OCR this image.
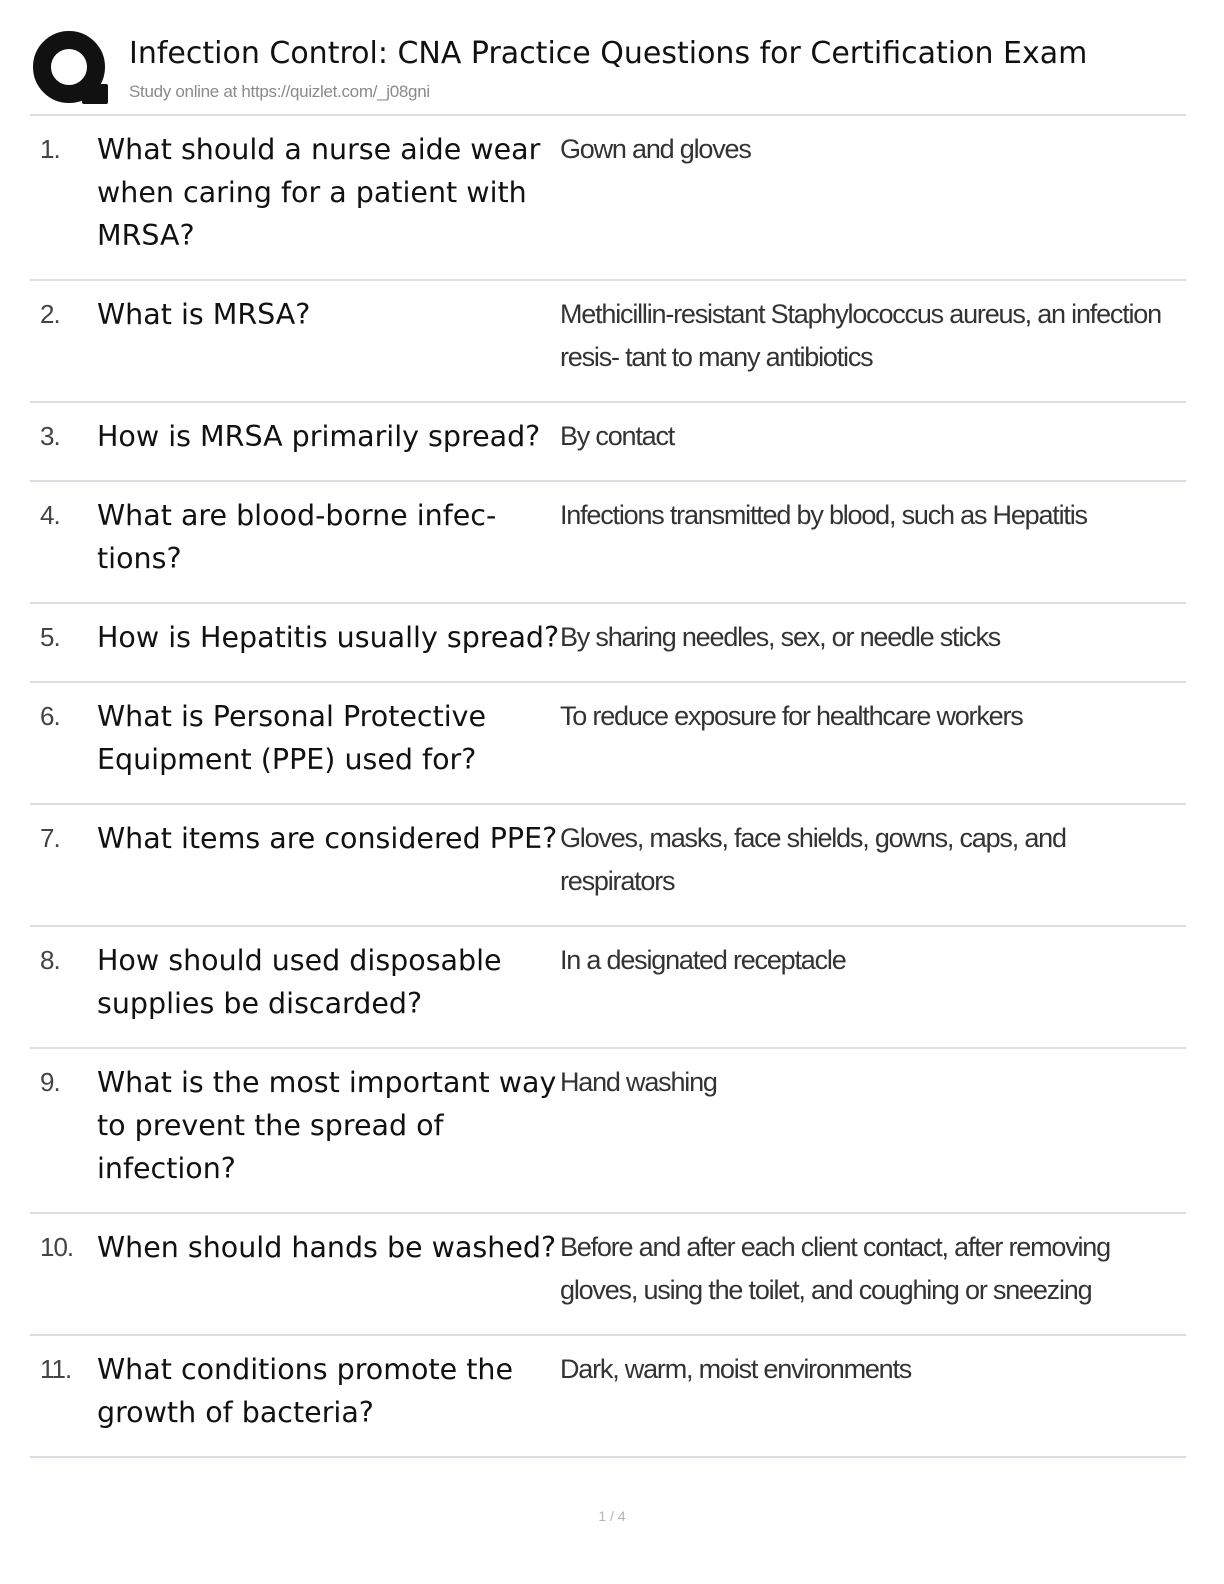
Infection Control: CNA Practice Questions for Certification Exam
Study online at https://quizlet.com/_j08gni
1.	What should a nurse aide wear when caring for a patient with MRSA?
Gown and gloves
2.	What is MRSA?	Methicillin-resistant Staphylococcus aureus, an infection resis- tant to many antibiotics
3.	How is MRSA primarily spread? By contact
4.	What are blood-borne infec- tions?
Infections transmitted by blood, such as Hepatitis
5.	How is Hepatitis usually spread? By sharing needles, sex, or needle sticks
6.	What is Personal Protective Equipment (PPE) used for?
To reduce exposure for healthcare workers
7.	What items are considered PPE? Gloves, masks, face shields, gowns, caps, and respirators
8.	How should used disposable supplies be discarded?
In a designated receptacle
9.	What is the most important way to prevent the spread of infection?
Hand washing
10. When should hands be washed? Before and after each client contact, after removing gloves, using the toilet, and coughing or sneezing
11. What conditions promote the growth of bacteria?
Dark, warm, moist environments
1 / 4
